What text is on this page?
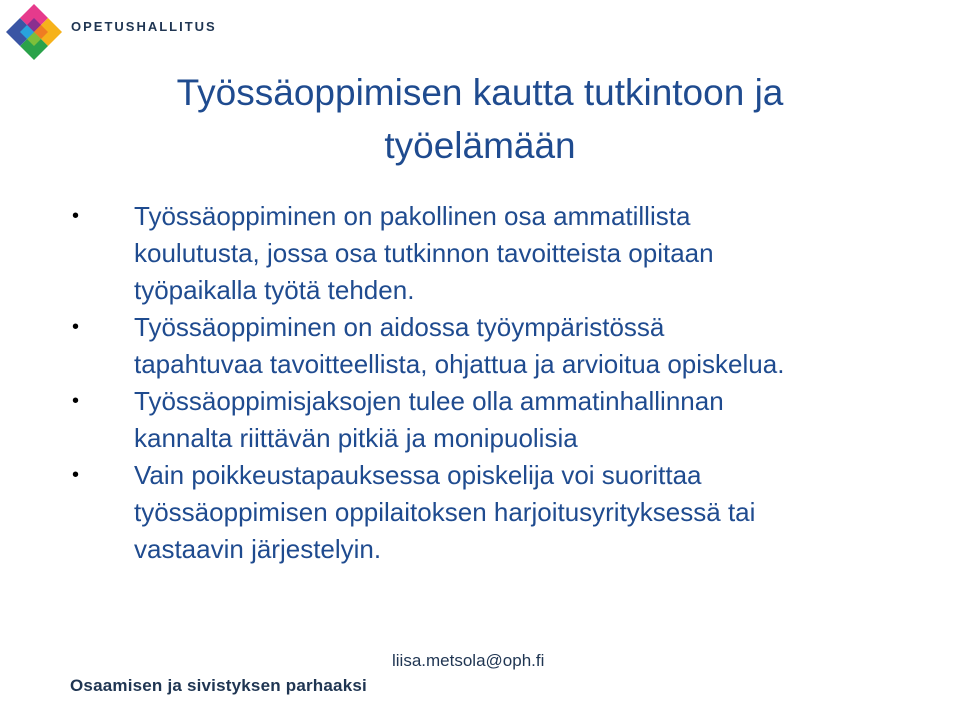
OPETUSHALLITUS
Työssäoppimisen kautta tutkintoon ja
työelämään
• Työssäoppiminen on pakollinen osa ammatillista
koulutusta, jossa osa tutkinnon tavoitteista opitaan
työpaikalla työtä tehden.
• Työssäoppiminen on aidossa työympäristössä
tapahtuvaa tavoitteellista, ohjattua ja arvioitua opiskelua.
• Työssäoppimisjaksojen tulee olla ammatinhallinnan
kannalta riittävän pitkiä ja monipuolisia
• Vain poikkeustapauksessa opiskelija voi suorittaa
työssäoppimisen oppilaitoksen harjoitusyrityksessä tai
vastaavin järjestelyin.
liisa.metsola@oph.fi
Osaamisen ja sivistyksen parhaaksi
